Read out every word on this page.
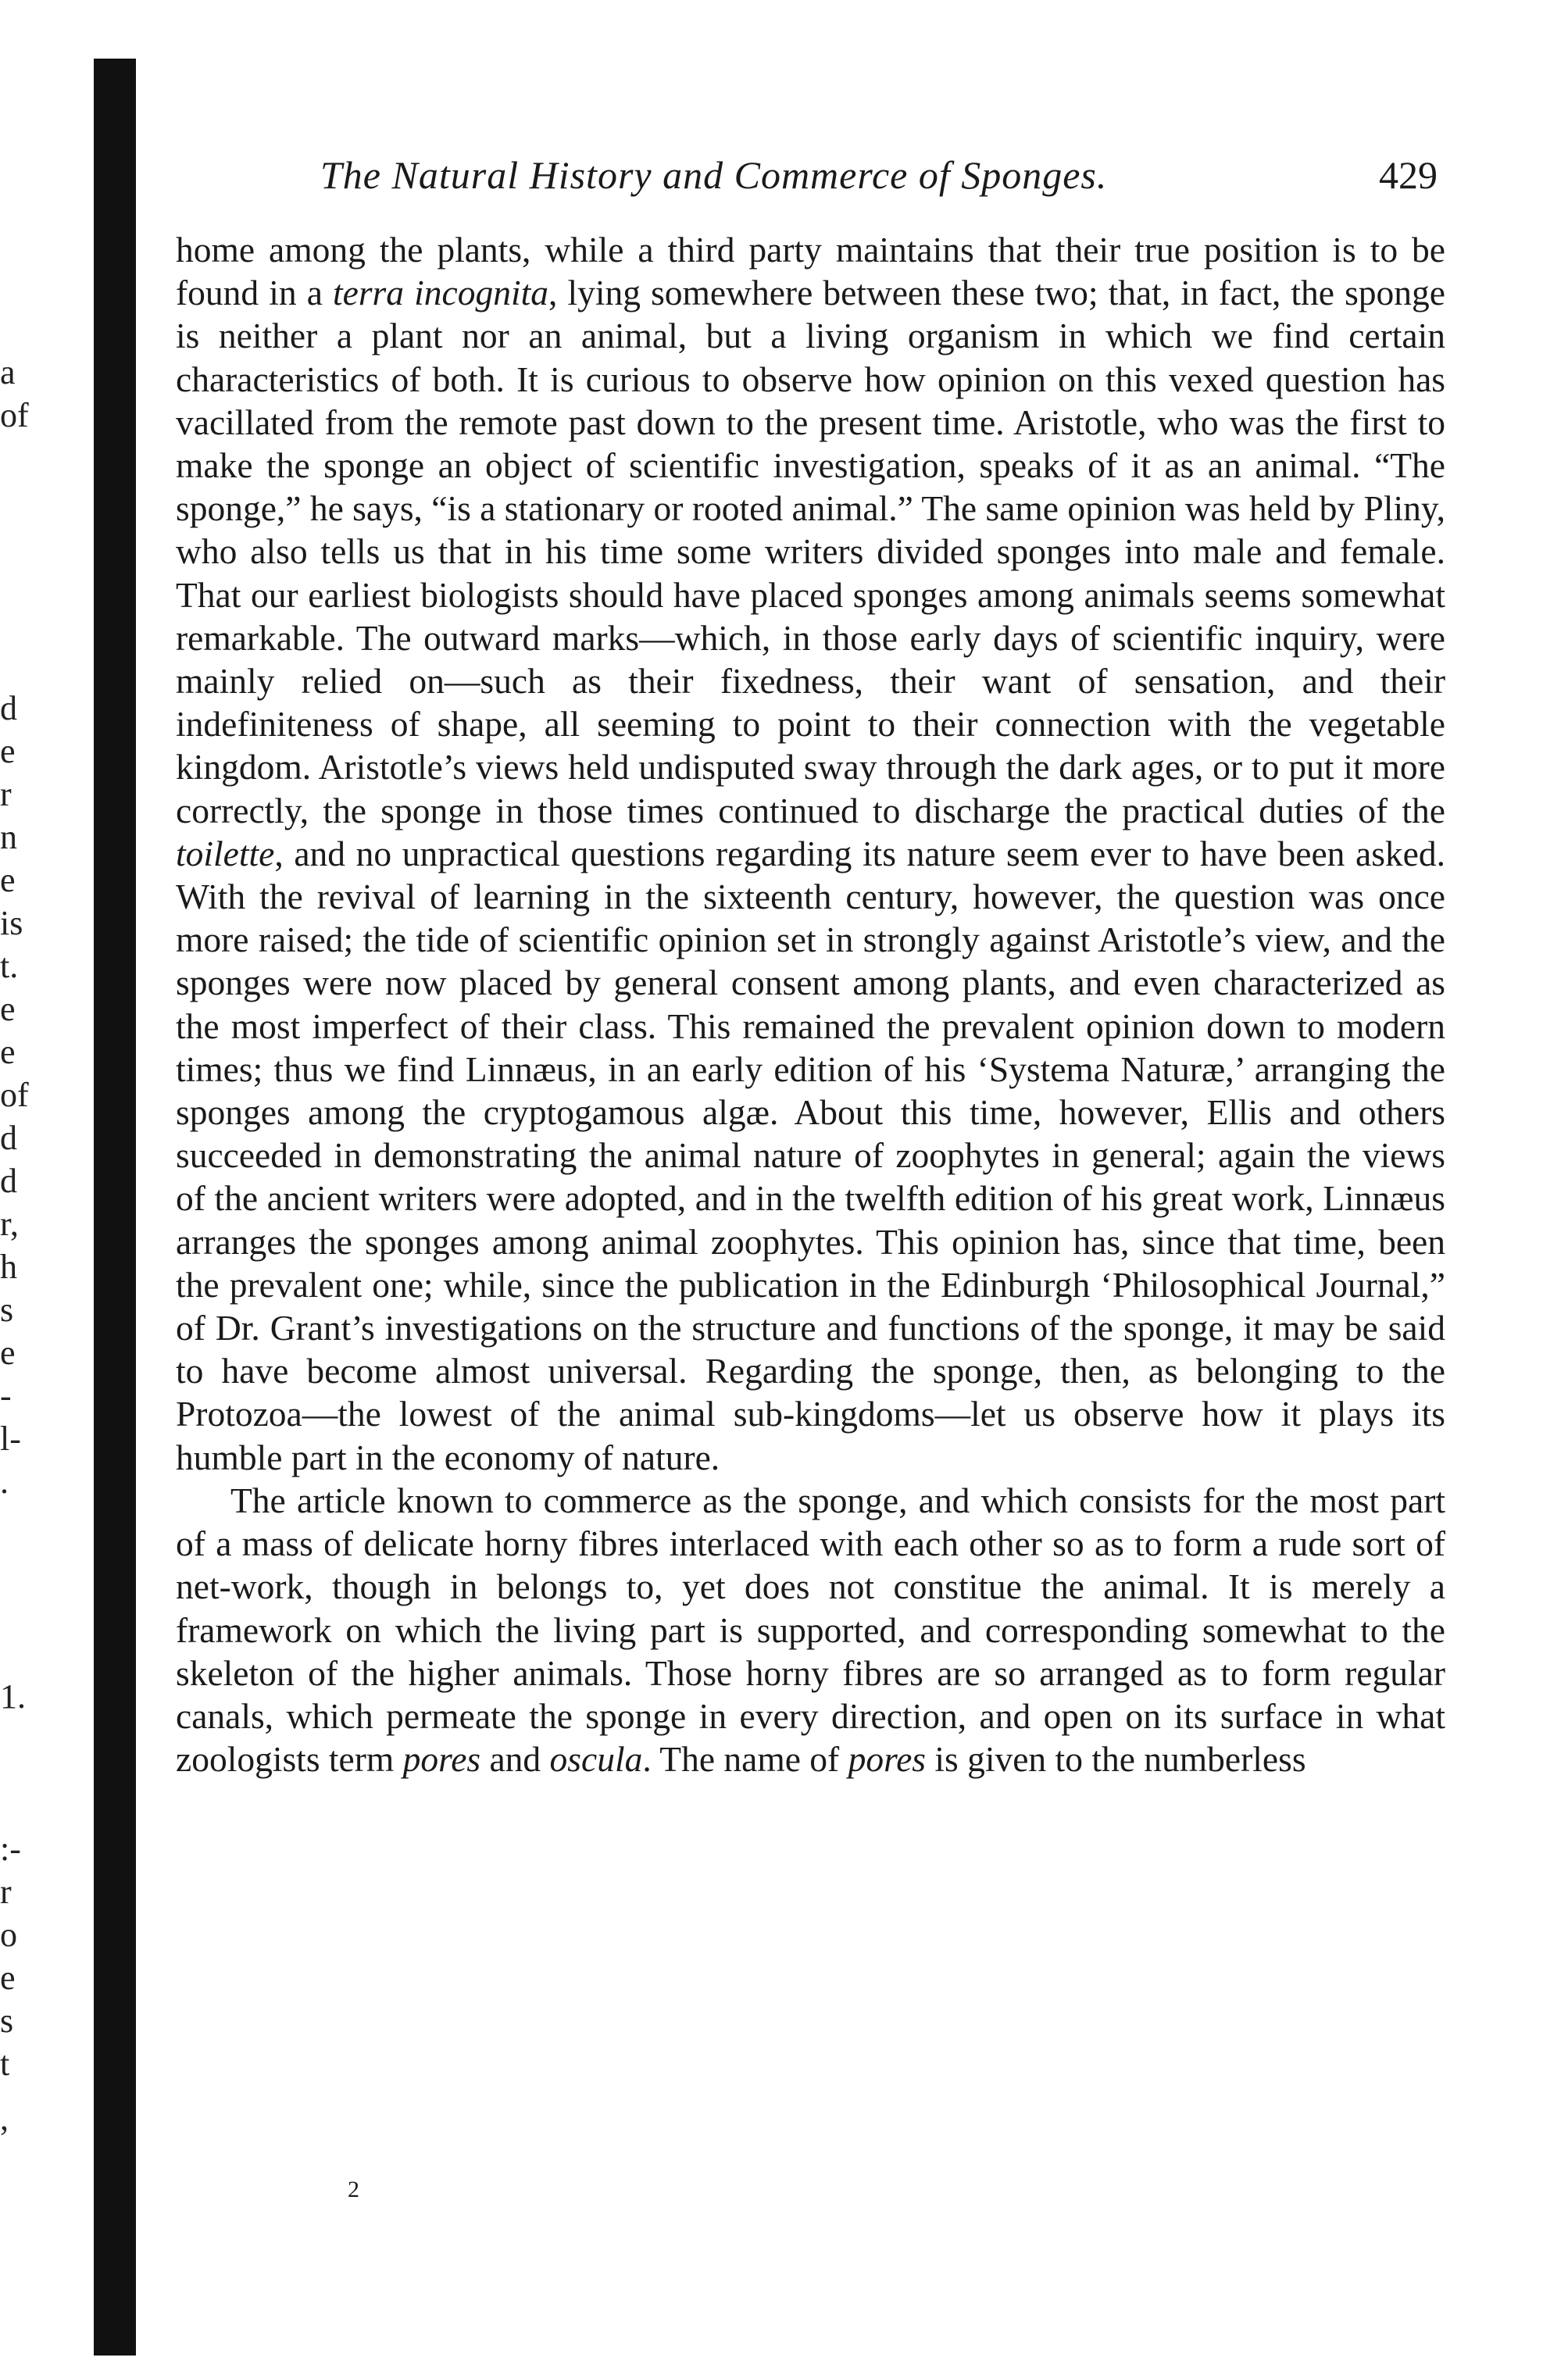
a
of
d
e
r
n
e
is
t.
e
e
of
d
d
r,
h
s
e
-
l-
.
1.
:-
r
o
e
s
t
,
The Natural History and Commerce of Sponges.	429

home among the plants, while a third party maintains that their true position is to be found in a terra incognita, lying somewhere between these two; that, in fact, the sponge is neither a plant nor an animal, but a living organism in which we find certain characteristics of both. It is curious to observe how opinion on this vexed question has vacillated from the remote past down to the present time. Aristotle, who was the first to make the sponge an object of scientific investigation, speaks of it as an animal. “The sponge,” he says, “is a stationary or rooted animal.” The same opinion was held by Pliny, who also tells us that in his time some writers divided sponges into male and female. That our earliest biologists should have placed sponges among animals seems somewhat remarkable. The outward marks—which, in those early days of scientific inquiry, were mainly relied on—such as their fixedness, their want of sensation, and their indefiniteness of shape, all seeming to point to their connection with the vegetable kingdom. Aristotle’s views held undisputed sway through the dark ages, or to put it more correctly, the sponge in those times continued to discharge the practical duties of the toilette, and no unpractical questions regarding its nature seem ever to have been asked. With the revival of learning in the sixteenth century, however, the question was once more raised; the tide of scientific opinion set in strongly against Aristotle’s view, and the sponges were now placed by general consent among plants, and even characterized as the most imperfect of their class. This remained the prevalent opinion down to modern times; thus we find Linnæus, in an early edition of his ‘Systema Naturæ,’ arranging the sponges among the cryptogamous algæ. About this time, however, Ellis and others succeeded in demonstrating the animal nature of zoophytes in general; again the views of the ancient writers were adopted, and in the twelfth edition of his great work, Linnæus arranges the sponges among animal zoophytes. This opinion has, since that time, been the prevalent one; while, since the publication in the Edinburgh ‘Philosophical Journal,” of Dr. Grant’s investigations on the structure and functions of the sponge, it may be said to have become almost universal. Regarding the sponge, then, as belonging to the Protozoa—the lowest of the animal sub-kingdoms—let us observe how it plays its humble part in the economy of nature.

The article known to commerce as the sponge, and which consists for the most part of a mass of delicate horny fibres interlaced with each other so as to form a rude sort of net-work, though in belongs to, yet does not constitue the animal. It is merely a framework on which the living part is supported, and corresponding somewhat to the skeleton of the higher animals. Those horny fibres are so arranged as to form regular canals, which permeate the sponge in every direction, and open on its surface in what zoologists term pores and oscula. The name of pores is given to the numberless

2
